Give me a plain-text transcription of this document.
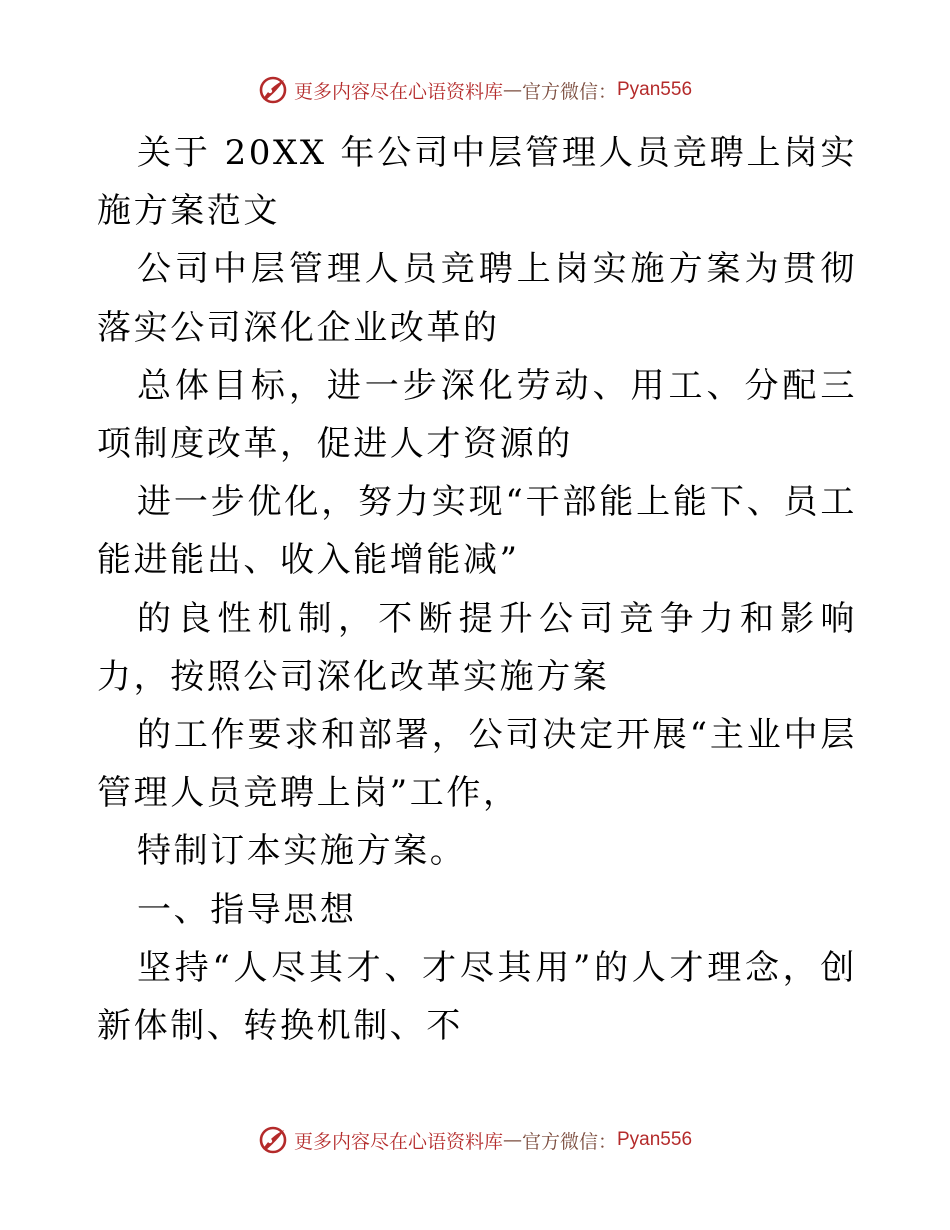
更多内容尽在心语资料库 — 官方微信： Pyan556

关于 20XX 年公司中层管理人员竞聘上岗实施方案范文

公司中层管理人员竞聘上岗实施方案为贯彻落实公司深化企业改革的

总体目标，进一步深化劳动、用工、分配三项制度改革，促进人才资源的

进一步优化，努力实现“干部能上能下、员工能进能出、收入能增能减”

的良性机制，不断提升公司竞争力和影响力，按照公司深化改革实施方案

的工作要求和部署，公司决定开展“主业中层管理人员竞聘上岗”工作，

特制订本实施方案。

一、指导思想

坚持“人尽其才、才尽其用”的人才理念，创新体制、转换机制、不

更多内容尽在心语资料库 — 官方微信： Pyan556
